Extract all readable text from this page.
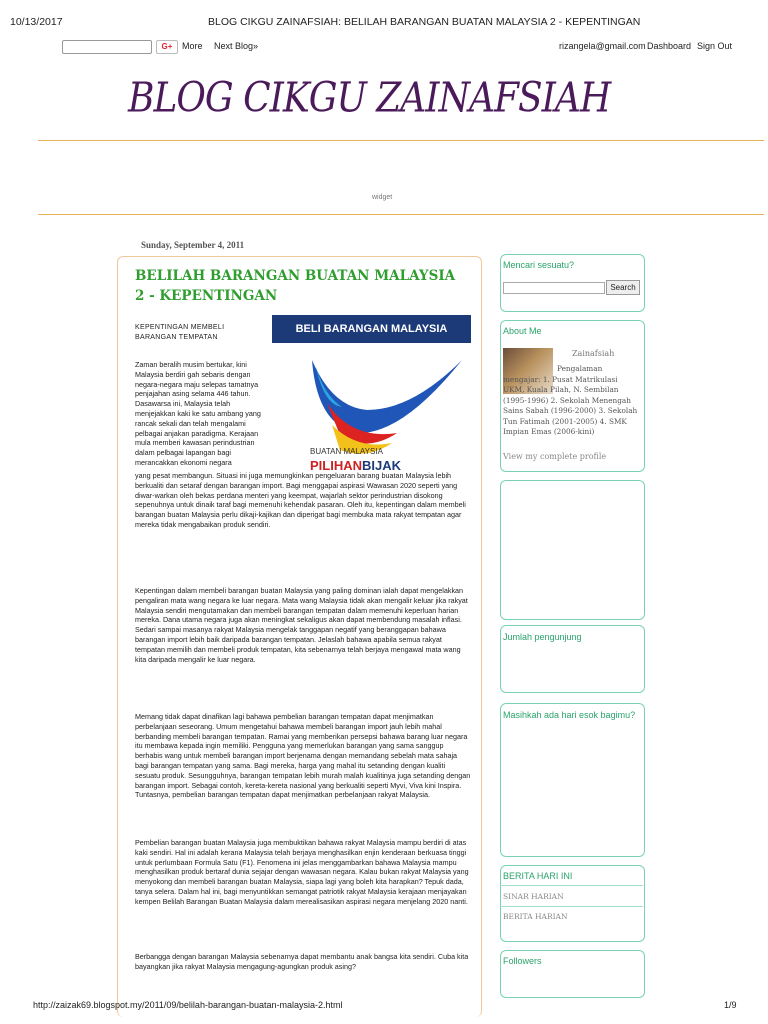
10/13/2017	BLOG CIKGU ZAINAFSIAH: BELILAH BARANGAN BUATAN MALAYSIA 2 - KEPENTINGAN
G+	More Next Blog»	rizangela@gmail.com Dashboard Sign Out
BLOG CIKGU ZAINAFSIAH
widget
Sunday, September 4, 2011
BELILAH BARANGAN BUATAN MALAYSIA 2 - KEPENTINGAN
KEPENTINGAN MEMBELI BARANGAN TEMPATAN
BELI BARANGAN MALAYSIA
BUATAN MALAYSIA
PILIHANBIJAK
Zaman beralih musim bertukar, kini Malaysia berdiri gah sebaris dengan negara-negara maju selepas tamatnya penjajahan asing selama 446 tahun. Dasawarsa ini, Malaysia telah menjejakkan kaki ke satu ambang yang rancak sekali dan telah mengalami pelbagai anjakan paradigma. Kerajaan mula memberi kawasan perindustrian dalam pelbagai lapangan bagi merancakkan ekonomi negara
yang pesat membangun. Situasi ini juga memungkinkan pengeluaran barang buatan Malaysia lebih berkualiti dan setaraf dengan barangan import. Bagi menggapai aspirasi Wawasan 2020 seperti yang diwar-warkan oleh bekas perdana menteri yang keempat, wajarlah sektor perindustrian disokong sepenuhnya untuk dinaik taraf bagi memenuhi kehendak pasaran. Oleh itu, kepentingan dalam membeli barangan buatan Malaysia perlu dikaji-kajikan dan diperigat bagi membuka mata rakyat tempatan agar mereka tidak mengabaikan produk sendiri.
Kepentingan dalam membeli barangan buatan Malaysia yang paling dominan ialah dapat mengelakkan pengaliran mata wang negara ke luar negara. Mata wang Malaysia tidak akan mengalir keluar jika rakyat Malaysia sendiri mengutamakan dan membeli barangan tempatan dalam memenuhi keperluan harian mereka. Dana utama negara juga akan meningkat sekaligus akan dapat membendung masalah inflasi. Sedari sampai masanya rakyat Malaysia mengelak tanggapan negatif yang beranggapan bahawa barangan import lebih baik daripada barangan tempatan. Jelaslah bahawa apabila semua rakyat tempatan memilih dan membeli produk tempatan, kita sebenarnya telah berjaya mengawal mata wang kita daripada mengalir ke luar negara.
Memang tidak dapat dinafikan lagi bahawa pembelian barangan tempatan dapat menjimatkan perbelanjaan seseorang. Umum mengetahui bahawa membeli barangan import jauh lebih mahal berbanding membeli barangan tempatan. Ramai yang memberikan persepsi bahawa barang luar negara itu membawa kepada ingin memiliki. Pengguna yang memerlukan barangan yang sama sanggup berhabis wang untuk membeli barangan import berjenama dengan memandang sebelah mata sahaja bagi barangan tempatan yang sama. Bagi mereka, harga yang mahal itu setanding dengan kualiti sesuatu produk. Sesungguhnya, barangan tempatan lebih murah malah kualitinya juga setanding dengan barangan import. Sebagai contoh, kereta-kereta nasional yang berkualiti seperti Myvi, Viva kini Inspira. Tuntasnya, pembelian barangan tempatan dapat menjimatkan perbelanjaan rakyat Malaysia.
Pembelian barangan buatan Malaysia juga membuktikan bahawa rakyat Malaysia mampu berdiri di atas kaki sendiri. Hal ini adalah kerana Malaysia telah berjaya menghasilkan enjin kenderaan berkuasa tinggi untuk perlumbaan Formula Satu (F1). Fenomena ini jelas menggambarkan bahawa Malaysia mampu menghasilkan produk bertaraf dunia sejajar dengan wawasan negara. Kalau bukan rakyat Malaysia yang menyokong dan membeli barangan buatan Malaysia, siapa lagi yang boleh kita harapkan? Tepuk dada, tanya selera. Dalam hal ini, bagi menyuntikkan semangat patriotik rakyat Malaysia kerajaan menjayakan kempen Belilah Barangan Buatan Malaysia dalam merealisasikan aspirasi negara menjelang 2020 nanti.
Berbangga dengan barangan Malaysia sebenarnya dapat membantu anak bangsa kita sendiri. Cuba kita bayangkan jika rakyat Malaysia mengagung-agungkan produk asing?
Mencari sesuatu?
Search
About Me
Zainafsiah
Pengalaman mengajar: 1. Pusat Matrikulasi UKM, Kuala Pilah, N. Sembilan (1995-1996) 2. Sekolah Menengah Sains Sabah (1996-2000) 3. Sekolah Tun Fatimah (2001-2005) 4. SMK Impian Emas (2006-kini)
View my complete profile
Jumlah pengunjung
Masihkah ada hari esok bagimu?
BERITA HARI INI
SINAR HARIAN
BERITA HARIAN
Followers
http://zaizak69.blogspot.my/2011/09/belilah-barangan-buatan-malaysia-2.html	1/9
